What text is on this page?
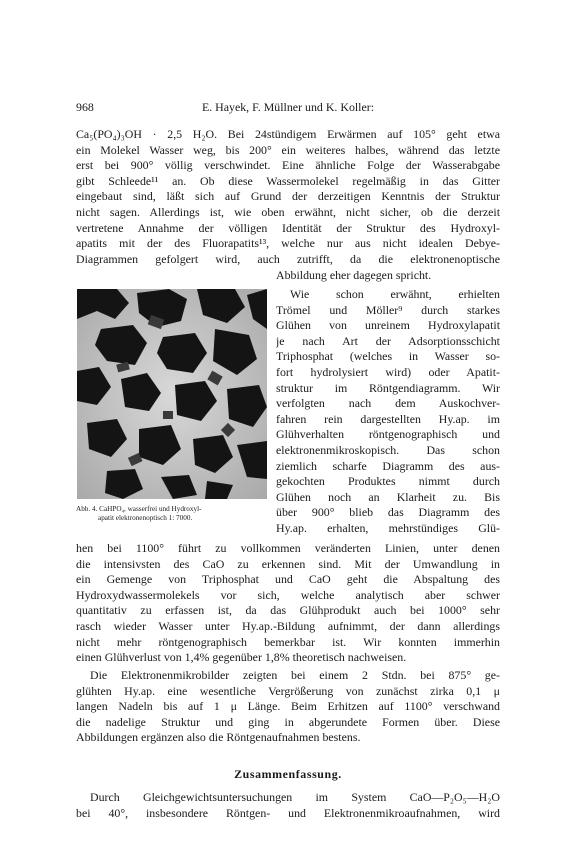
968	E. Hayek, F. Müllner und K. Koller:
Ca₅(PO₄)₃OH · 2,5 H₂O. Bei 24stündigem Erwärmen auf 105° geht etwa
ein Molekel Wasser weg, bis 200° ein weiteres halbes, während das letzte
erst bei 900° völlig verschwindet. Eine ähnliche Folge der Wasserabgabe
gibt Schleede¹¹ an. Ob diese Wassermolekel regelmäßig in das Gitter
eingebaut sind, läßt sich auf Grund der derzeitigen Kenntnis der Struktur
nicht sagen. Allerdings ist, wie oben erwähnt, nicht sicher, ob die derzeit
vertretene Annahme der völligen Identität der Struktur des Hydroxyl-
apatits mit der des Fluorapatits¹³, welche nur aus nicht idealen Debye-
Diagrammen gefolgert wird, auch zutrifft, da die elektronenoptische
Abbildung eher dagegen spricht.
Abb. 4. CaHPO₄, wasserfrei und Hydroxyl-
apatit elektronenoptisch 1: 7000.
Wie schon erwähnt, erhielten
Trömel und Möller⁹ durch starkes
Glühen von unreinem Hydroxylapatit
je nach Art der Adsorptionsschicht
Triphosphat (welches in Wasser so-
fort hydrolysiert wird) oder Apatit-
struktur im Röntgendiagramm. Wir
verfolgten nach dem Auskochver-
fahren rein dargestellten Hy.ap. im
Glühverhalten röntgenographisch und
elektronenmikroskopisch. Das schon
ziemlich scharfe Diagramm des aus-
gekochten Produktes nimmt durch
Glühen noch an Klarheit zu. Bis
über 900° blieb das Diagramm des
Hy.ap. erhalten, mehrstündiges Glü-
hen bei 1100° führt zu vollkommen veränderten Linien, unter denen
die intensivsten des CaO zu erkennen sind. Mit der Umwandlung in
ein Gemenge von Triphosphat und CaO geht die Abspaltung des
Hydroxydwassermolekels vor sich, welche analytisch aber schwer
quantitativ zu erfassen ist, da das Glühprodukt auch bei 1000° sehr
rasch wieder Wasser unter Hy.ap.-Bildung aufnimmt, der dann allerdings
nicht mehr röntgenographisch bemerkbar ist. Wir konnten immerhin
einen Glühverlust von 1,4% gegenüber 1,8% theoretisch nachweisen.
Die Elektronenmikrobilder zeigten bei einem 2 Stdn. bei 875° ge-
glühten Hy.ap. eine wesentliche Vergrößerung von zunächst zirka 0,1 μ
langen Nadeln bis auf 1 μ Länge. Beim Erhitzen auf 1100° verschwand
die nadelige Struktur und ging in abgerundete Formen über. Diese
Abbildungen ergänzen also die Röntgenaufnahmen bestens.
Zusammenfassung.
Durch Gleichgewichtsuntersuchungen im System CaO—P₂O₅—H₂O
bei 40°, insbesondere Röntgen- und Elektronenmikroaufnahmen, wird
